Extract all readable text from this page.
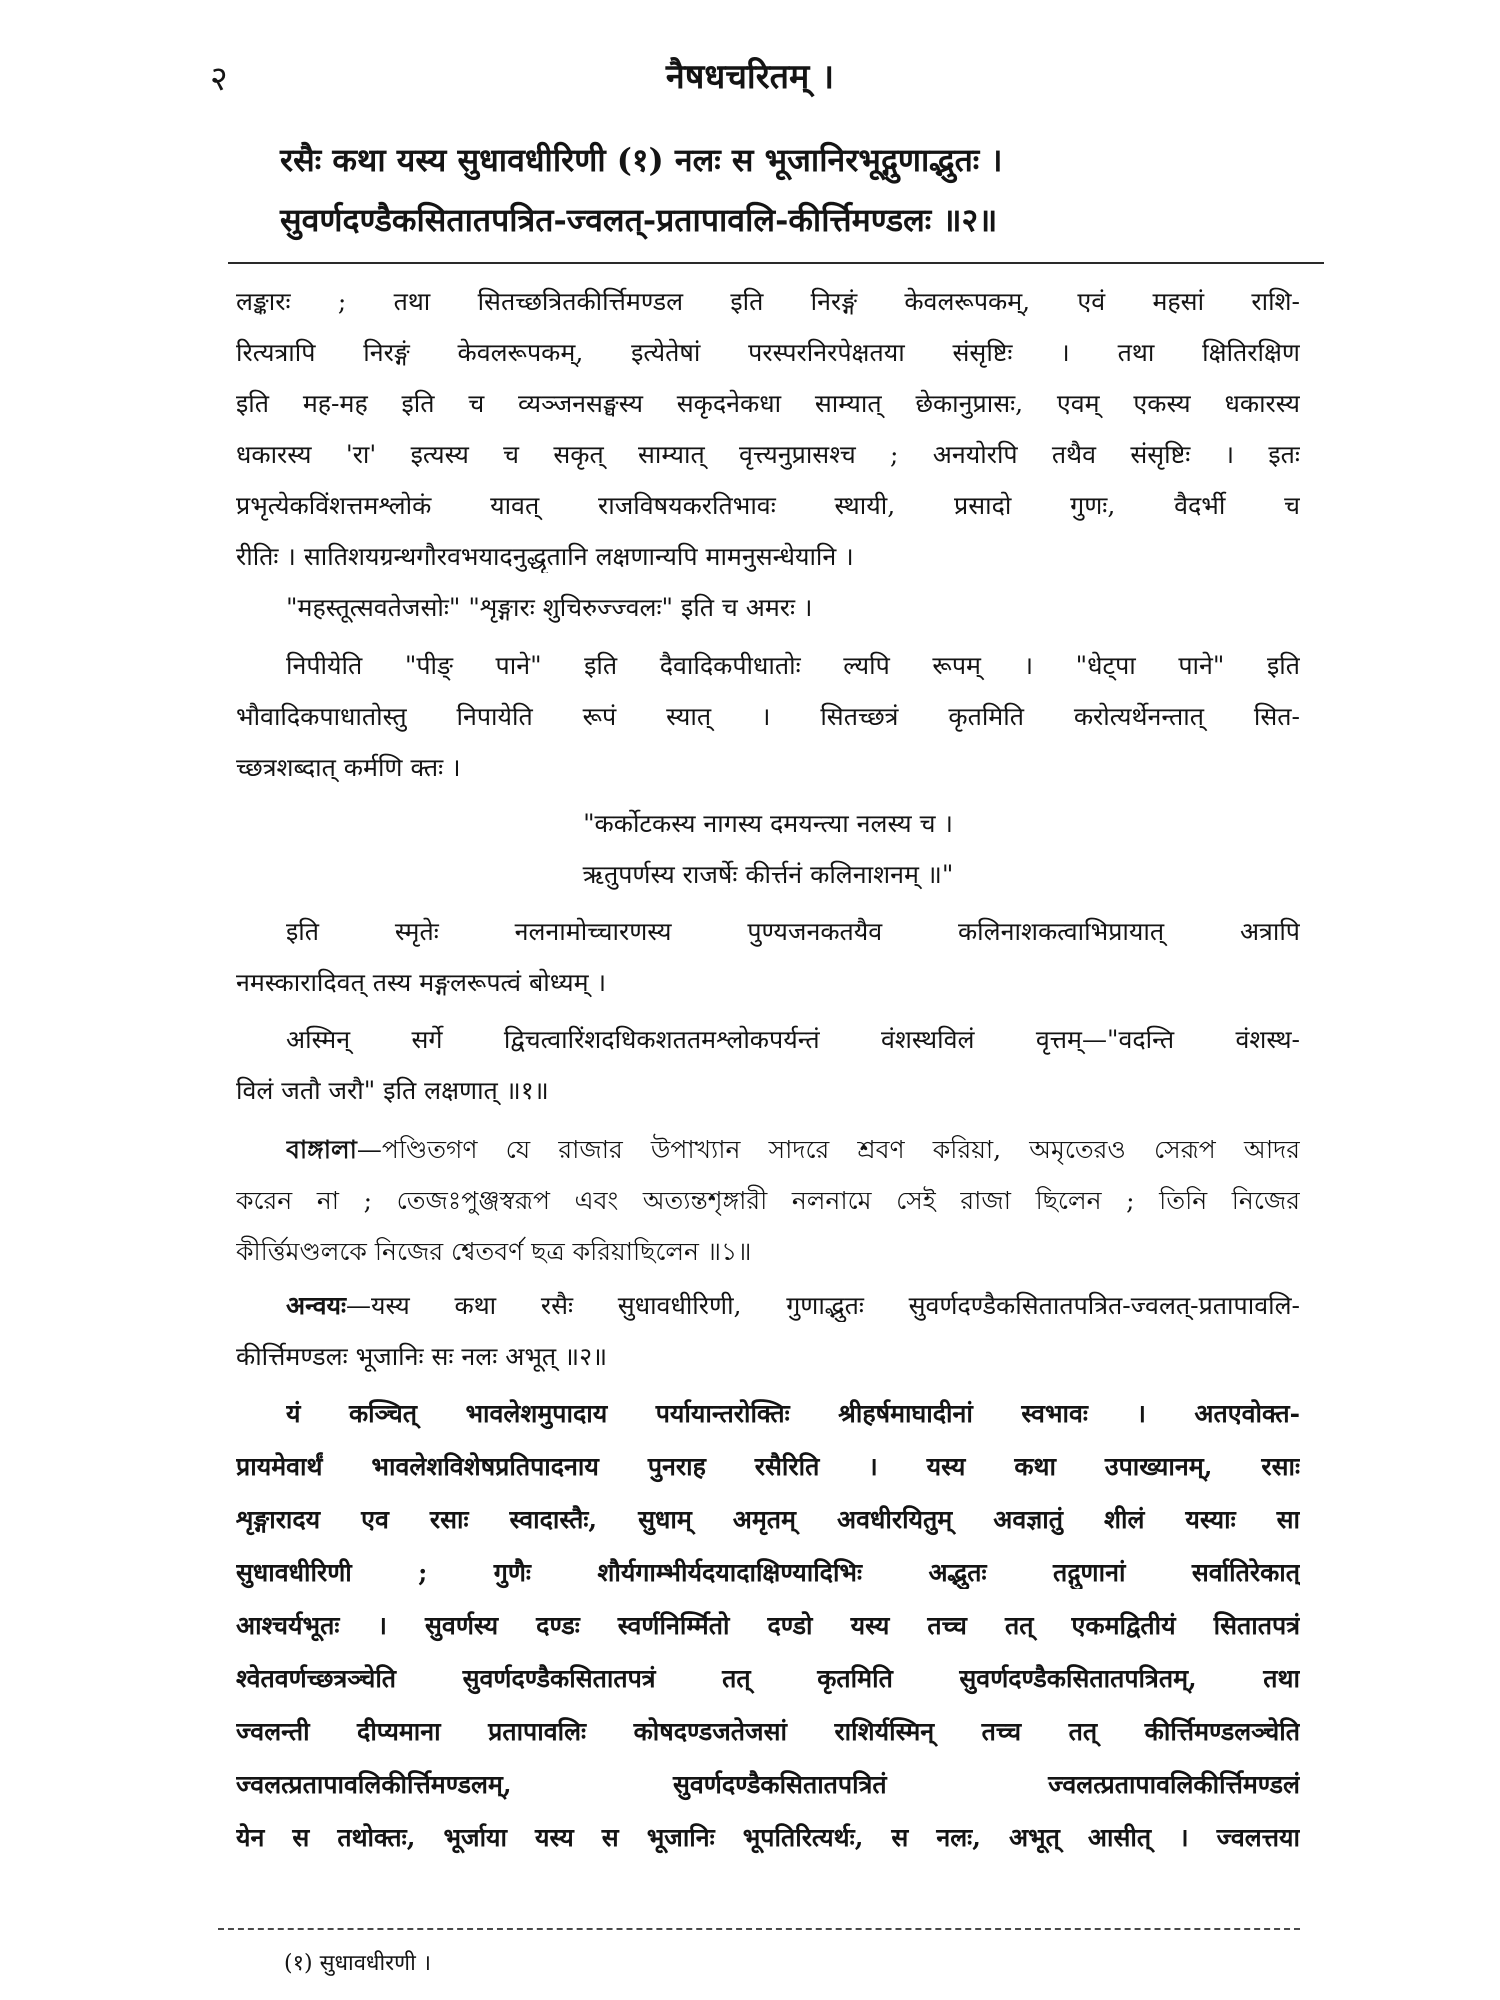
२	नैषधचरितम् ।
रसैः कथा यस्य सुधावधीरिणी (१) नलः स भूजानिरभूद्गुणाद्भुतः ।
सुवर्णदण्डैकसितातपत्रित-ज्वलत्-प्रतापावलि-कीर्त्तिमण्डलः ॥२॥
लङ्कारः ; तथा सितच्छत्रितकीर्त्तिमण्डल इति निरङ्गं केवलरूपकम्, एवं महसां राशि-
रित्यत्रापि निरङ्गं केवलरूपकम्, इत्येतेषां परस्परनिरपेक्षतया संसृष्टिः । तथा क्षितिरक्षिण
इति मह-मह इति च व्यञ्जनसङ्घस्य सकृदनेकधा साम्यात् छेकानुप्रासः, एवम् एकस्य धकारस्य
धकारस्य 'रा' इत्यस्य च सकृत् साम्यात् वृत्त्यनुप्रासश्च ; अनयोरपि तथैव संसृष्टिः । इतः
प्रभृत्येकविंशत्तमश्लोकं यावत् राजविषयकरतिभावः स्थायी, प्रसादो गुणः, वैदर्भी च
रीतिः । सातिशयग्रन्थगौरवभयादनुद्धृतानि लक्षणान्यपि मामनुसन्धेयानि ।
"महस्तूत्सवतेजसोः" "शृङ्गारः शुचिरुज्ज्वलः" इति च अमरः ।
निपीयेति "पीङ् पाने" इति दैवादिकपीधातोः ल्यपि रूपम् । "धेट्पा पाने" इति
भौवादिकपाधातोस्तु निपायेति रूपं स्यात् । सितच्छत्रं कृतमिति करोत्यर्थेनन्तात् सित-
च्छत्रशब्दात् कर्मणि क्तः ।
"कर्कोटकस्य नागस्य दमयन्त्या नलस्य च ।
ऋतुपर्णस्य राजर्षेः कीर्त्तनं कलिनाशनम् ॥"
इति स्मृतेः नलनामोच्चारणस्य पुण्यजनकतयैव कलिनाशकत्वाभिप्रायात् अत्रापि
नमस्कारादिवत् तस्य मङ्गलरूपत्वं बोध्यम् ।
अस्मिन् सर्गे द्विचत्वारिंशदधिकशततमश्लोकपर्यन्तं वंशस्थविलं वृत्तम्—"वदन्ति वंशस्थ-
विलं जतौ जरौ" इति लक्षणात् ॥१॥
বাঙ্গালা—পণ্ডিতগণ যে রাজার উপাখ্যান সাদরে শ্রবণ করিয়া, অমৃতেরও সেরূপ আদর
করেন না ; তেজঃপুঞ্জস্বরূপ এবং অত্যন্তশৃঙ্গারী নলনামে সেই রাজা ছিলেন ; তিনি নিজের
কীর্ত্তিমণ্ডলকে নিজের শ্বেতবর্ণ ছত্র করিয়াছিলেন ॥১॥
अन्वयः—यस्य कथा रसैः सुधावधीरिणी, गुणाद्भुतः सुवर्णदण्डैकसितातपत्रित-ज्वलत्-प्रतापावलि-
कीर्त्तिमण्डलः भूजानिः सः नलः अभूत् ॥२॥
यं कञ्चित् भावलेशमुपादाय पर्यायान्तरोक्तिः श्रीहर्षमाघादीनां स्वभावः । अतएवोक्त-
प्रायमेवार्थं भावलेशविशेषप्रतिपादनाय पुनराह रसैरिति । यस्य कथा उपाख्यानम्, रसाः
शृङ्गारादय एव रसाः स्वादास्तैः, सुधाम् अमृतम् अवधीरयितुम् अवज्ञातुं शीलं यस्याः सा
सुधावधीरिणी ; गुणैः शौर्यगाम्भीर्यदयादाक्षिण्यादिभिः अद्भुतः तद्गुणानां सर्वातिरेकात्
आश्चर्यभूतः । सुवर्णस्य दण्डः स्वर्णनिर्म्मितो दण्डो यस्य तच्च तत् एकमद्वितीयं सितातपत्रं
श्वेतवर्णच्छत्रञ्चेति सुवर्णदण्डैकसितातपत्रं तत् कृतमिति सुवर्णदण्डैकसितातपत्रितम्, तथा
ज्वलन्ती दीप्यमाना प्रतापावलिः कोषदण्डजतेजसां राशिर्यस्मिन् तच्च तत् कीर्त्तिमण्डलञ्चेति
ज्वलत्प्रतापावलिकीर्त्तिमण्डलम्, सुवर्णदण्डैकसितातपत्रितं ज्वलत्प्रतापावलिकीर्त्तिमण्डलं
येन स तथोक्तः, भूर्जाया यस्य स भूजानिः भूपतिरित्यर्थः, स नलः, अभूत् आसीत् । ज्वलत्तया
(१) सुधावधीरणी ।
